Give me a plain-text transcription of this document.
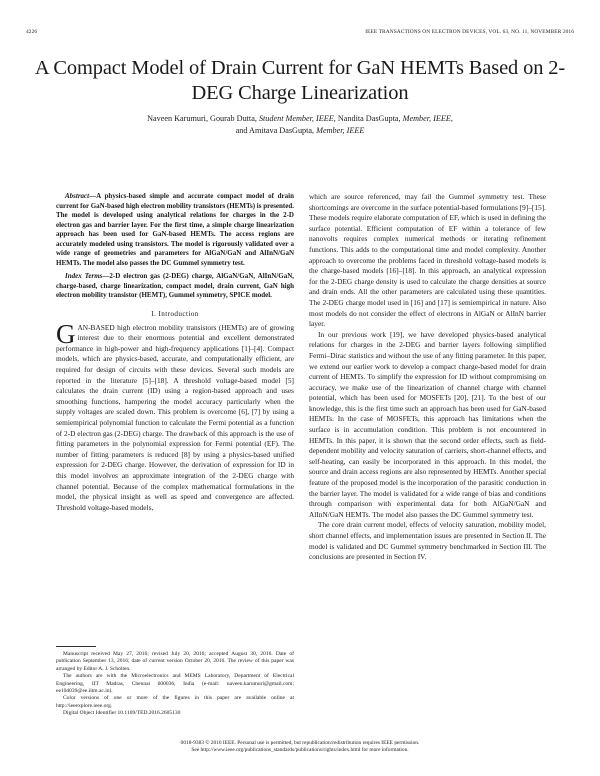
4226	IEEE TRANSACTIONS ON ELECTRON DEVICES, VOL. 63, NO. 11, NOVEMBER 2016
A Compact Model of Drain Current for GaN HEMTs Based on 2-DEG Charge Linearization
Naveen Karumuri, Gourab Dutta, Student Member, IEEE, Nandita DasGupta, Member, IEEE,
and Amitava DasGupta, Member, IEEE

Abstract—A physics-based simple and accurate compact model of drain current for GaN-based high electron mobility transistors (HEMTs) is presented. The model is developed using analytical relations for charges in the 2-D electron gas and barrier layer. For the first time, a simple charge linearization approach has been used for GaN-based HEMTs. The access regions are accurately modeled using transistors. The model is rigorously validated over a wide range of geometries and parameters for AlGaN/GaN and AlInN/GaN HEMTs. The model also passes the DC Gummel symmetry test.

Index Terms—2-D electron gas (2-DEG) charge, AlGaN/GaN, AlInN/GaN, charge-based, charge linearization, compact model, drain current, GaN high electron mobility transistor (HEMT), Gummel symmetry, SPICE model.

I. Introduction

GAN-BASED high electron mobility transistors (HEMTs) are of growing interest due to their enormous potential and excellent demonstrated performance in high-power and high-frequency applications [1]–[4]. Compact models, which are physics-based, accurate, and computationally efficient, are required for design of circuits with these devices. Several such models are reported in the literature [5]–[18]. A threshold voltage-based model [5] calculates the drain current (ID) using a region-based approach and uses smoothing functions, hampering the model accuracy particularly when the supply voltages are scaled down. This problem is overcome [6], [7] by using a semiempirical polynomial function to calculate the Fermi potential as a function of 2-D electron gas (2-DEG) charge. The drawback of this approach is the use of fitting parameters in the polynomial expression for Fermi potential (EF). The number of fitting parameters is reduced [8] by using a physics-based unified expression for 2-DEG charge. However, the derivation of expression for ID in this model involves an approximate integration of the 2-DEG charge with channel potential. Because of the complex mathematical formulations in the model, the physical insight as well as speed and convergence are affected. Threshold voltage-based models,

which are source referenced, may fail the Gummel symmetry test. These shortcomings are overcome in the surface potential-based formulations [9]–[15]. These models require elaborate computation of EF, which is used in defining the surface potential. Efficient computation of EF within a tolerance of few nanovolts requires complex numerical methods or iterating refinement functions. This adds to the computational time and model complexity. Another approach to overcome the problems faced in threshold voltage-based models is the charge-based models [16]–[18]. In this approach, an analytical expression for the 2-DEG charge density is used to calculate the charge densities at source and drain ends. All the other parameters are calculated using these quantities. The 2-DEG charge model used in [16] and [17] is semiempirical in nature. Also most models do not consider the effect of electrons in AlGaN or AlInN barrier layer.

In our previous work [19], we have developed physics-based analytical relations for charges in the 2-DEG and barrier layers following simplified Fermi–Dirac statistics and without the use of any fitting parameter. In this paper, we extend our earlier work to develop a compact charge-based model for drain current of HEMTs. To simplify the expression for ID without compromising on accuracy, we make use of the linearization of channel charge with channel potential, which has been used for MOSFETs [20], [21]. To the best of our knowledge, this is the first time such an approach has been used for GaN-based HEMTs. In the case of MOSFETs, this approach has limitations when the surface is in accumulation condition. This problem is not encountered in HEMTs. In this paper, it is shown that the second order effects, such as field-dependent mobility and velocity saturation of carriers, short-channel effects, and self-heating, can easily be incorporated in this approach. In this model, the source and drain access regions are also represented by HEMTs. Another special feature of the proposed model is the incorporation of the parasitic conduction in the barrier layer. The model is validated for a wide range of bias and conditions through comparison with experimental data for both AlGaN/GaN and AlInN/GaN HEMTs. The model also passes the DC Gummel symmetry test.

The core drain current model, effects of velocity saturation, mobility model, short channel effects, and implementation issues are presented in Section II. The model is validated and DC Gummel symmetry benchmarked in Section III. The conclusions are presented in Section IV.

Manuscript received May 27, 2016; revised July 20, 2016; accepted August 30, 2016. Date of publication September 13, 2016; date of current version October 20, 2016. The review of this paper was arranged by Editor A. J. Scholten.

The authors are with the Microelectronics and MEMS Laboratory, Department of Electrical Engineering, IIT Madras, Chennai 600036, India (e-mail: naveen.karumuri@gmail.com; ee10d039@ee.iitm.ac.in).

Color versions of one or more of the figures in this paper are available online at http://ieeexplore.ieee.org.

Digital Object Identifier 10.1109/TED.2016.2605130

0018-9383 © 2016 IEEE. Personal use is permitted, but republication/redistribution requires IEEE permission.
See http://www.ieee.org/publications_standards/publications/rights/index.html for more information.
